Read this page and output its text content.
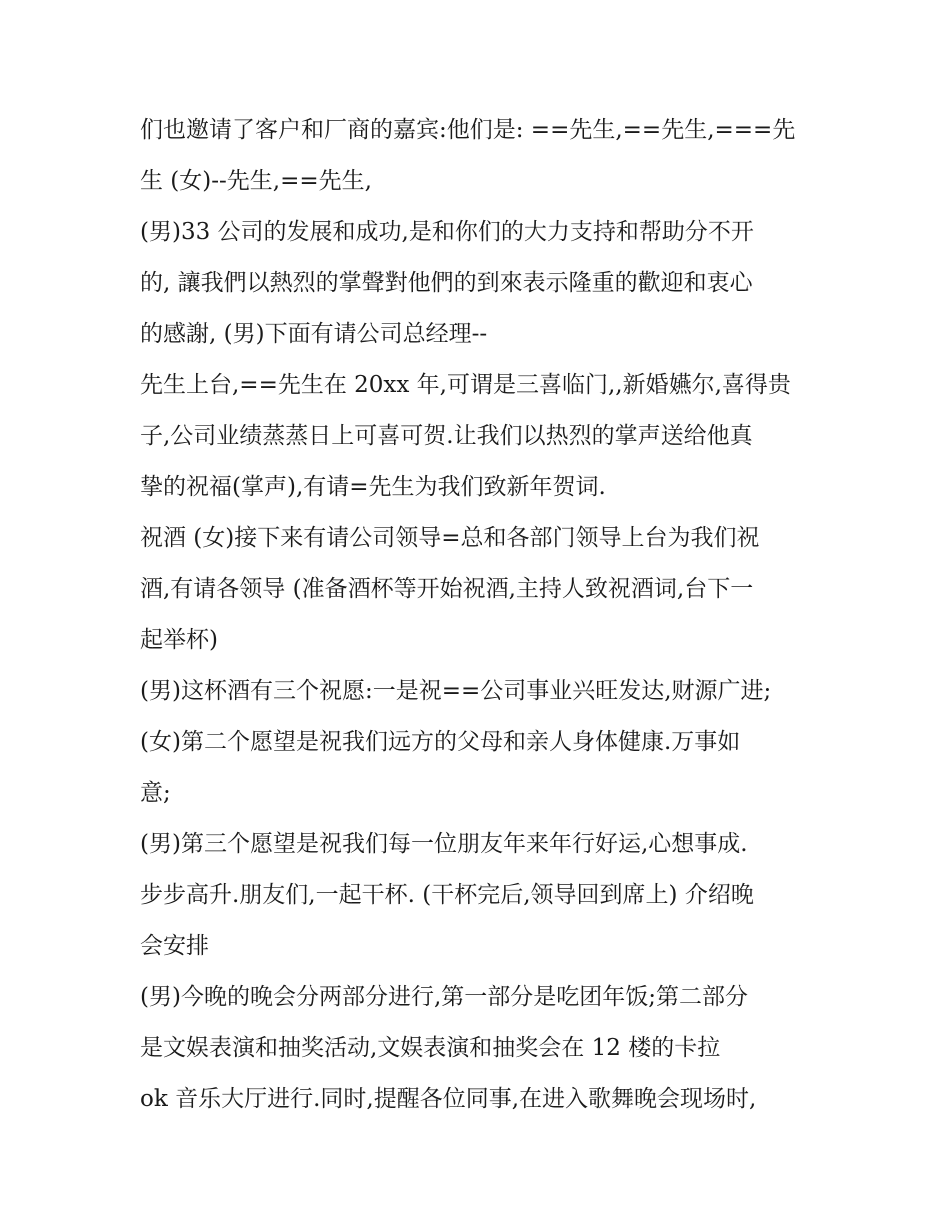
们也邀请了客户和厂商的嘉宾:他们是: ==先生,==先生,===先
生 (女)--先生,==先生,
(男)33 公司的发展和成功,是和你们的大力支持和帮助分不开
的, 讓我們以熱烈的掌聲對他們的到來表示隆重的歡迎和衷心
的感謝, (男)下面有请公司总经理--
先生上台,==先生在 20xx 年,可谓是三喜临门,,新婚嬿尔,喜得贵
子,公司业绩蒸蒸日上可喜可贺.让我们以热烈的掌声送给他真
挚的祝福(掌声),有请=先生为我们致新年贺词.
祝酒 (女)接下来有请公司领导=总和各部门领导上台为我们祝
酒,有请各领导 (准备酒杯等开始祝酒,主持人致祝酒词,台下一
起举杯)
(男)这杯酒有三个祝愿:一是祝==公司事业兴旺发达,财源广进;
(女)第二个愿望是祝我们远方的父母和亲人身体健康.万事如
意;
(男)第三个愿望是祝我们每一位朋友年来年行好运,心想事成.
步步高升.朋友们,一起干杯. (干杯完后,领导回到席上) 介绍晚
会安排
(男)今晚的晚会分两部分进行,第一部分是吃团年饭;第二部分
是文娱表演和抽奖活动,文娱表演和抽奖会在 12 楼的卡拉
ok 音乐大厅进行.同时,提醒各位同事,在进入歌舞晚会现场时,
